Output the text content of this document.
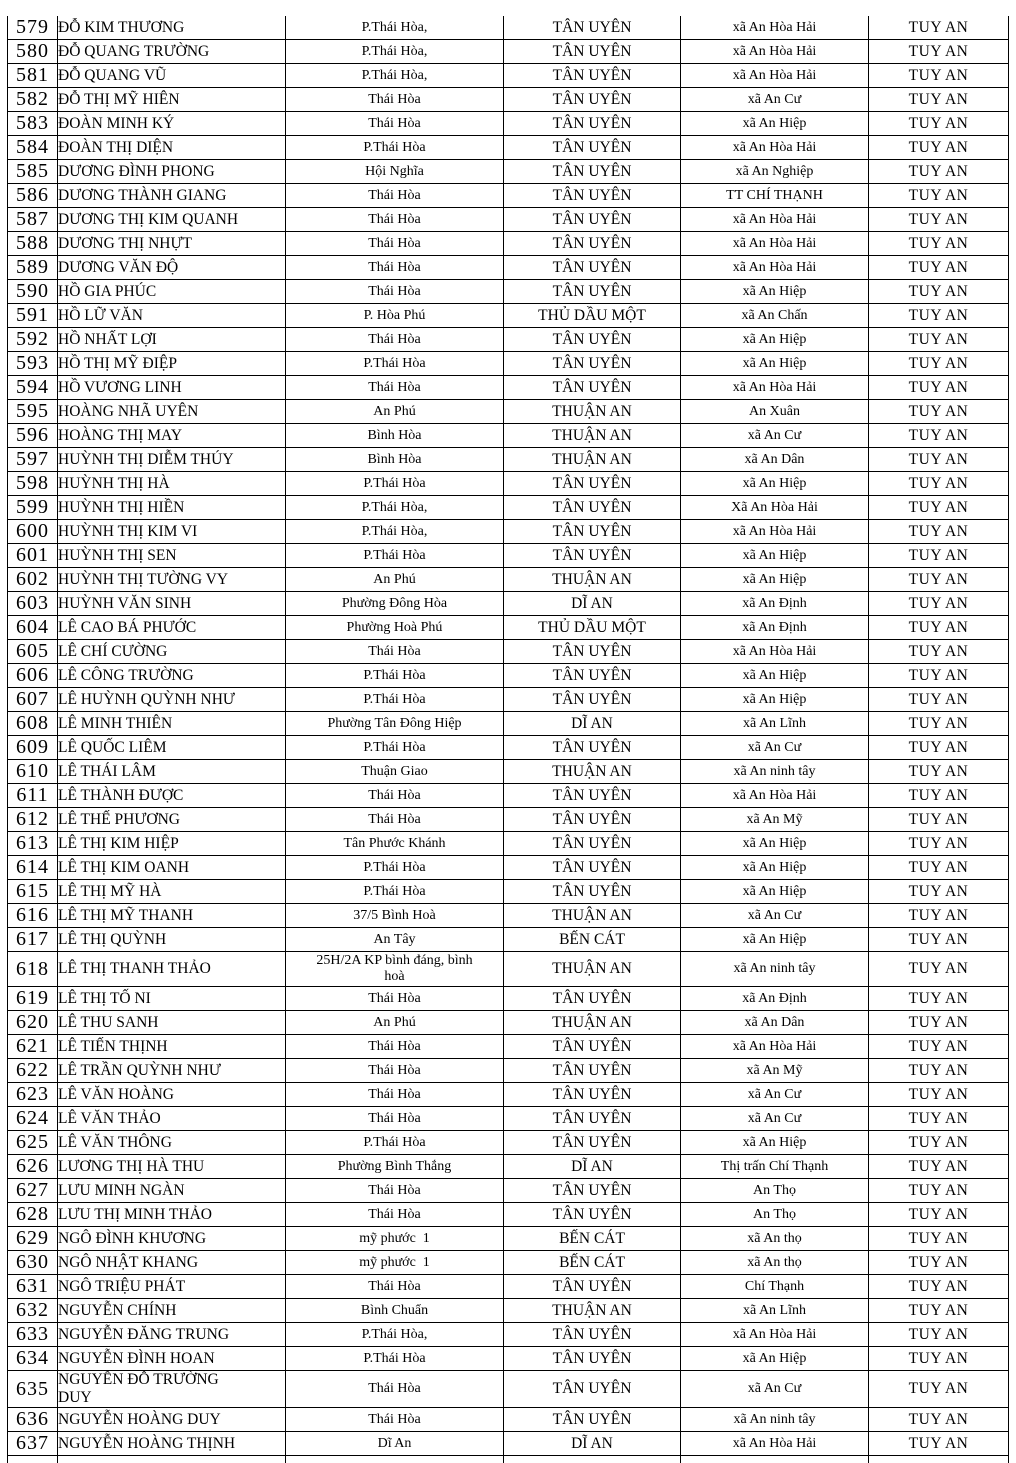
579	ĐỖ KIM THƯƠNG	P.Thái Hòa,	TÂN UYÊN	xã An Hòa Hải	TUY AN
580	ĐỖ QUANG TRƯỜNG	P.Thái Hòa,	TÂN UYÊN	xã An Hòa Hải	TUY AN
581	ĐỖ QUANG VŨ	P.Thái Hòa,	TÂN UYÊN	xã An Hòa Hải	TUY AN
582	ĐỖ THỊ MỸ HIÊN	Thái Hòa	TÂN UYÊN	xã An Cư	TUY AN
583	ĐOÀN MINH KÝ	Thái Hòa	TÂN UYÊN	xã An Hiệp	TUY AN
584	ĐOÀN THỊ DIỆN	P.Thái Hòa	TÂN UYÊN	xã An Hòa Hải	TUY AN
585	DƯƠNG ĐÌNH PHONG	Hội Nghĩa	TÂN UYÊN	xã An Nghiệp	TUY AN
586	DƯƠNG THÀNH GIANG	Thái Hòa	TÂN UYÊN	TT CHÍ THẠNH	TUY AN
587	DƯƠNG THỊ KIM QUANH	Thái Hòa	TÂN UYÊN	xã An Hòa Hải	TUY AN
588	DƯƠNG THỊ NHỰT	Thái Hòa	TÂN UYÊN	xã An Hòa Hải	TUY AN
589	DƯƠNG VĂN ĐỘ	Thái Hòa	TÂN UYÊN	xã An Hòa Hải	TUY AN
590	HỒ GIA PHÚC	Thái Hòa	TÂN UYÊN	xã An Hiệp	TUY AN
591	HỒ LỮ VĂN	P. Hòa Phú	THỦ DẦU MỘT	xã An Chấn	TUY AN
592	HỒ NHẤT LỢI	Thái Hòa	TÂN UYÊN	xã An Hiệp	TUY AN
593	HỒ THỊ MỸ ĐIỆP	P.Thái Hòa	TÂN UYÊN	xã An Hiệp	TUY AN
594	HỒ VƯƠNG LINH	Thái Hòa	TÂN UYÊN	xã An Hòa Hải	TUY AN
595	HOÀNG NHÃ UYÊN	An Phú	THUẬN AN	An Xuân	TUY AN
596	HOÀNG THỊ MAY	Bình Hòa	THUẬN AN	xã An Cư	TUY AN
597	HUỲNH THỊ DIỄM THÚY	Bình Hòa	THUẬN AN	xã An Dân	TUY AN
598	HUỲNH THỊ HÀ	P.Thái Hòa	TÂN UYÊN	xã An Hiệp	TUY AN
599	HUỲNH THỊ HIỀN	P.Thái Hòa,	TÂN UYÊN	Xã An Hòa Hải	TUY AN
600	HUỲNH THỊ KIM VI	P.Thái Hòa,	TÂN UYÊN	xã An Hòa Hải	TUY AN
601	HUỲNH THỊ SEN	P.Thái Hòa	TÂN UYÊN	xã An Hiệp	TUY AN
602	HUỲNH THỊ TƯỜNG VY	An Phú	THUẬN AN	xã An Hiệp	TUY AN
603	HUỲNH VĂN SINH	Phường Đông Hòa	DĨ AN	xã An Định	TUY AN
604	LÊ CAO BÁ PHƯỚC	Phường Hoà Phú	THỦ DẦU MỘT	xã An Định	TUY AN
605	LÊ CHÍ CƯỜNG	Thái Hòa	TÂN UYÊN	xã An Hòa Hải	TUY AN
606	LÊ CÔNG TRƯỜNG	P.Thái Hòa	TÂN UYÊN	xã An Hiệp	TUY AN
607	LÊ HUỲNH QUỲNH NHƯ	P.Thái Hòa	TÂN UYÊN	xã An Hiệp	TUY AN
608	LÊ MINH THIÊN	Phường Tân Đông Hiệp	DĨ AN	xã An Lĩnh	TUY AN
609	LÊ QUỐC LIÊM	P.Thái Hòa	TÂN UYÊN	xã An Cư	TUY AN
610	LÊ THÁI LÂM	Thuận Giao	THUẬN AN	xã An ninh tây	TUY AN
611	LÊ THÀNH ĐƯỢC	Thái Hòa	TÂN UYÊN	xã An Hòa Hải	TUY AN
612	LÊ THẾ PHƯƠNG	Thái Hòa	TÂN UYÊN	xã An Mỹ	TUY AN
613	LÊ THỊ KIM HIỆP	Tân Phước Khánh	TÂN UYÊN	xã An Hiệp	TUY AN
614	LÊ THỊ KIM OANH	P.Thái Hòa	TÂN UYÊN	xã An Hiệp	TUY AN
615	LÊ THỊ MỸ HÀ	P.Thái Hòa	TÂN UYÊN	xã An Hiệp	TUY AN
616	LÊ THỊ MỸ THANH	37/5 Bình Hoà	THUẬN AN	xã An Cư	TUY AN
617	LÊ THỊ QUỲNH	An Tây	BẾN CÁT	xã An Hiệp	TUY AN
618	LÊ THỊ THANH THẢO	25H/2A KP bình đáng, bình hoà	THUẬN AN	xã An ninh tây	TUY AN
619	LÊ THỊ TỐ NI	Thái Hòa	TÂN UYÊN	xã An Định	TUY AN
620	LÊ THU SANH	An Phú	THUẬN AN	xã An Dân	TUY AN
621	LÊ TIẾN THỊNH	Thái Hòa	TÂN UYÊN	xã An Hòa Hải	TUY AN
622	LÊ TRẦN QUỲNH NHƯ	Thái Hòa	TÂN UYÊN	xã An Mỹ	TUY AN
623	LÊ VĂN HOÀNG	Thái Hòa	TÂN UYÊN	xã An Cư	TUY AN
624	LÊ VĂN THẢO	Thái Hòa	TÂN UYÊN	xã An Cư	TUY AN
625	LÊ VĂN THÔNG	P.Thái Hòa	TÂN UYÊN	xã An Hiệp	TUY AN
626	LƯƠNG THỊ HÀ THU	Phường Bình Thắng	DĨ AN	Thị trấn Chí Thạnh	TUY AN
627	LƯU MINH NGÀN	Thái Hòa	TÂN UYÊN	An Thọ	TUY AN
628	LƯU THỊ MINH THẢO	Thái Hòa	TÂN UYÊN	An Thọ	TUY AN
629	NGÔ ĐÌNH KHƯƠNG	mỹ phước  1	BẾN CÁT	xã An thọ	TUY AN
630	NGÔ NHẬT KHANG	mỹ phước  1	BẾN CÁT	xã An thọ	TUY AN
631	NGÔ TRIỆU PHÁT	Thái Hòa	TÂN UYÊN	Chí Thạnh	TUY AN
632	NGUYỄN CHÍNH	Bình Chuẩn	THUẬN AN	xã An Lĩnh	TUY AN
633	NGUYỄN ĐĂNG TRUNG	P.Thái Hòa,	TÂN UYÊN	xã An Hòa Hải	TUY AN
634	NGUYỄN ĐÌNH HOAN	P.Thái Hòa	TÂN UYÊN	xã An Hiệp	TUY AN
635	NGUYỄN ĐỖ TRƯỜNG DUY	Thái Hòa	TÂN UYÊN	xã An Cư	TUY AN
636	NGUYỄN HOÀNG DUY	Thái Hòa	TÂN UYÊN	xã An ninh tây	TUY AN
637	NGUYỄN HOÀNG THỊNH	Dĩ An	DĨ AN	xã An Hòa Hải	TUY AN
